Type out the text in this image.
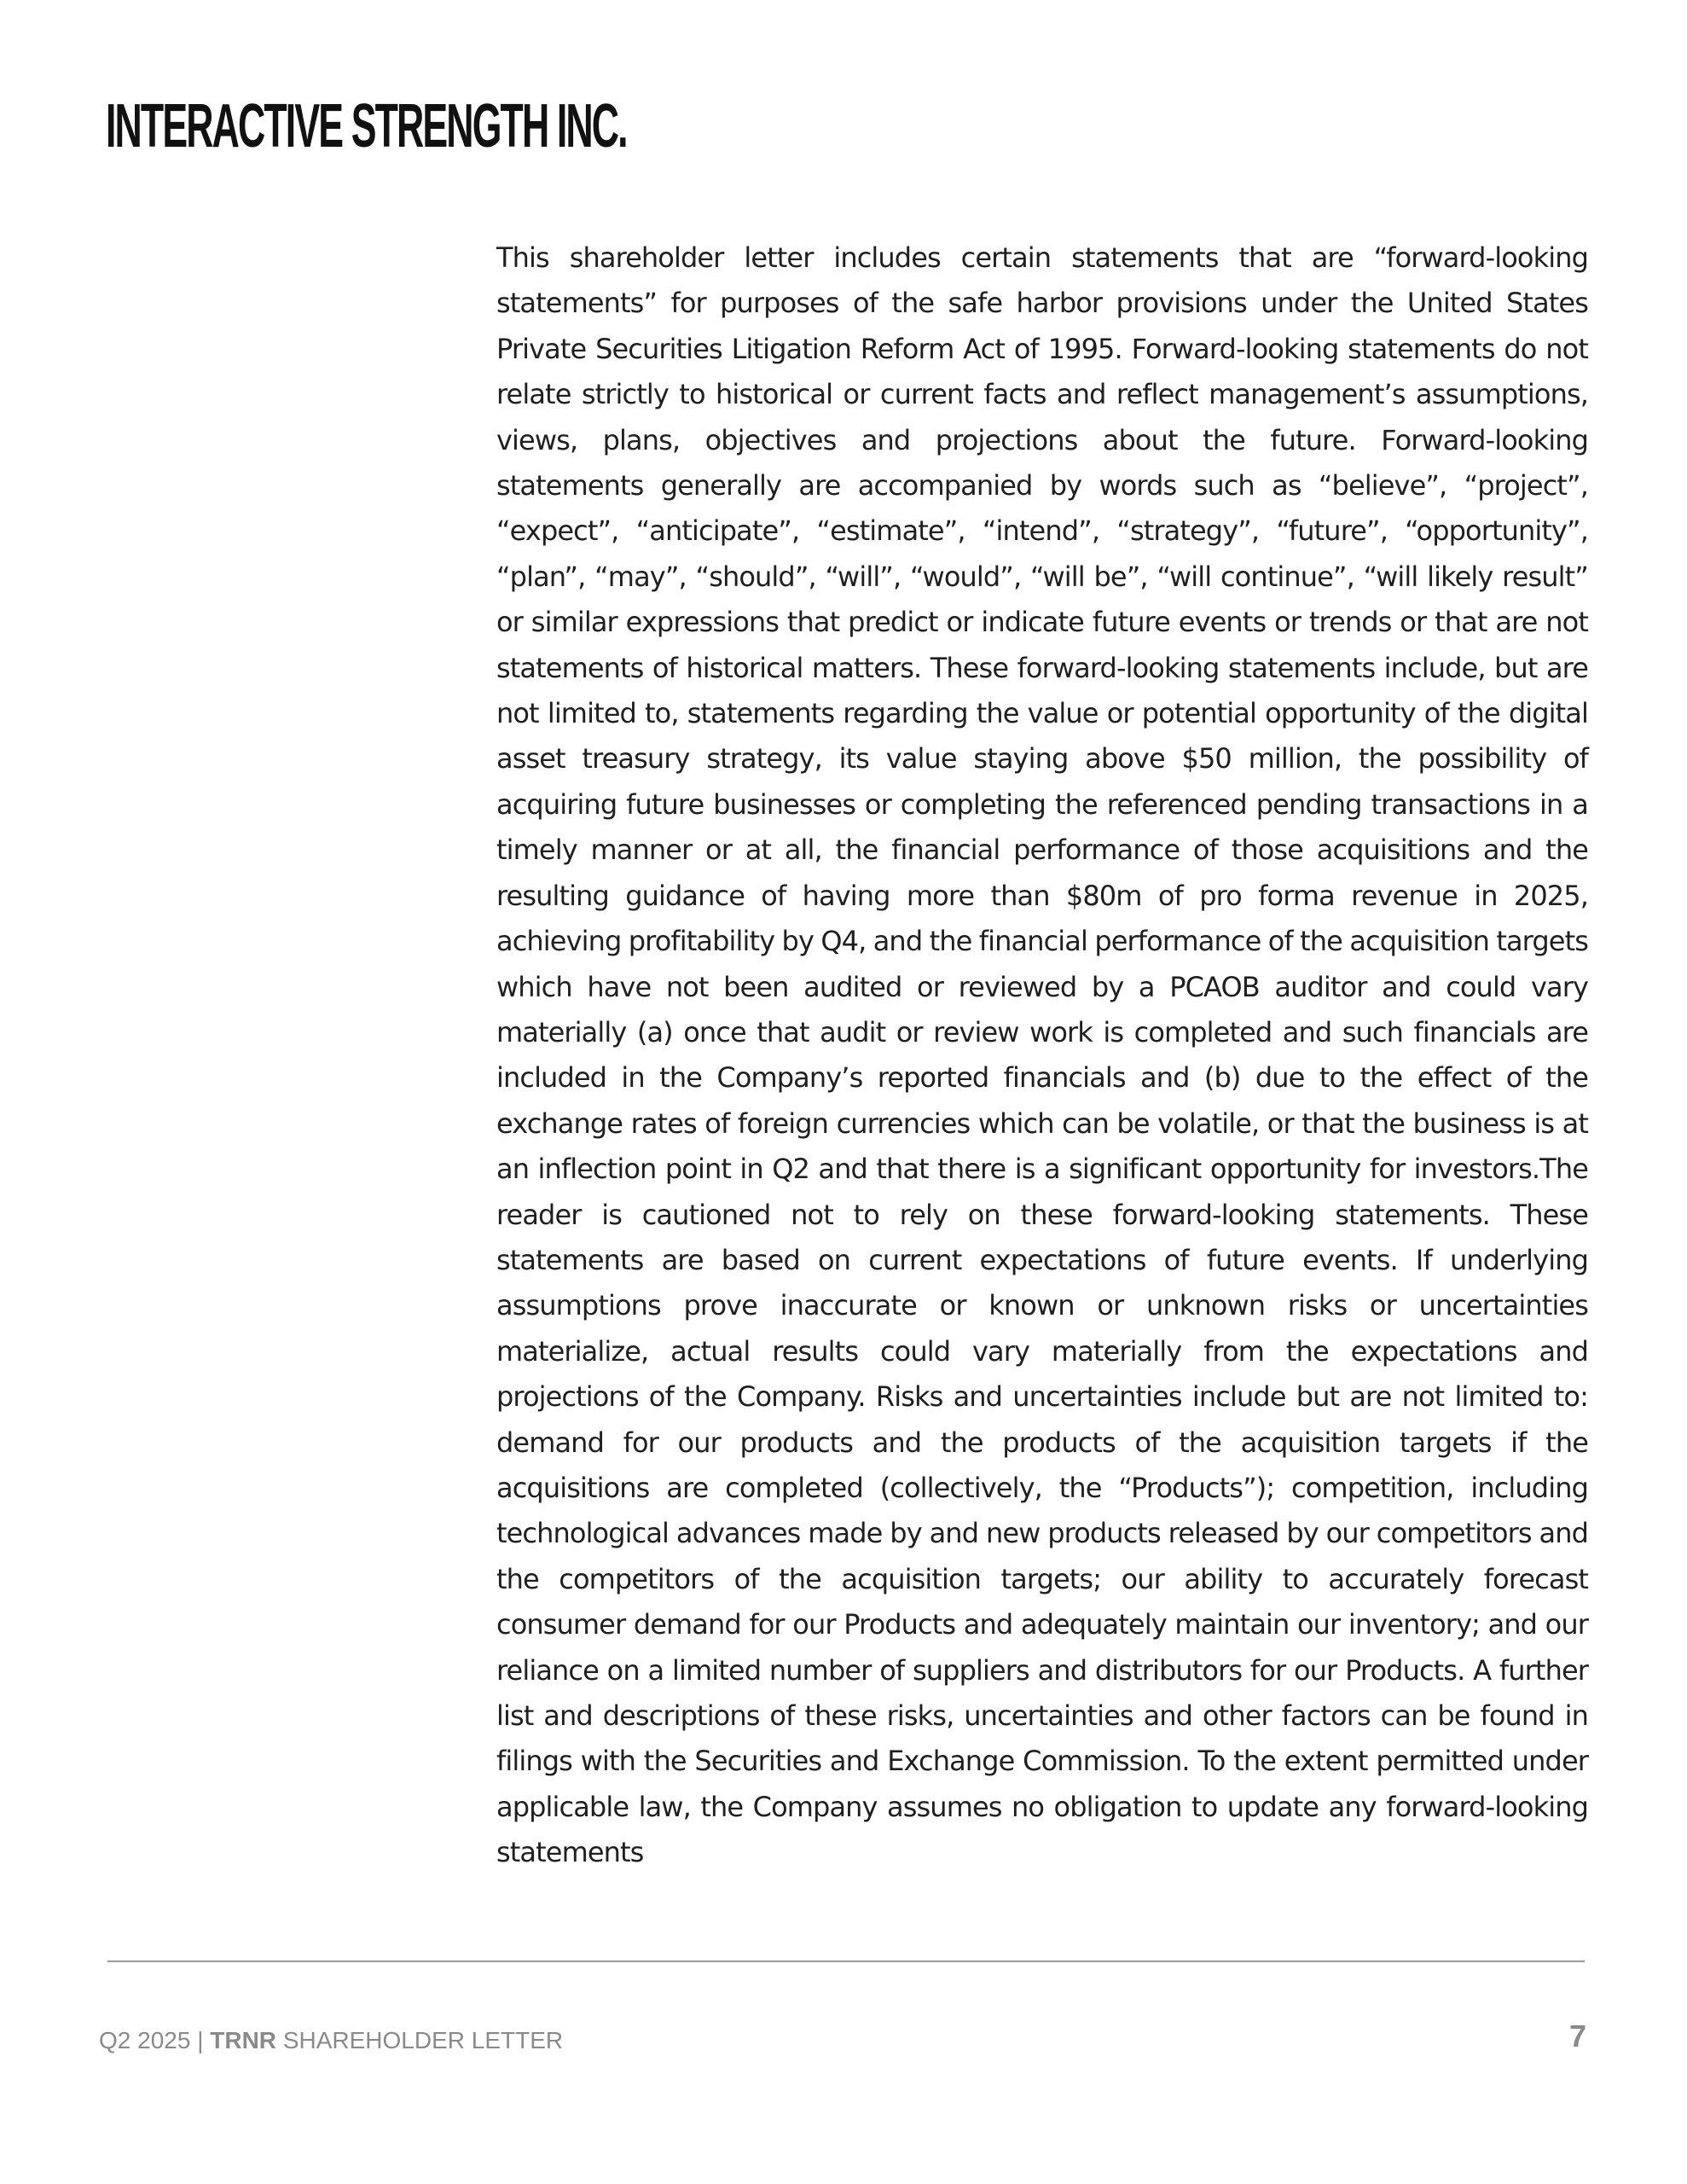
INTERACTIVE STRENGTH INC.

This shareholder letter includes certain statements that are “forward-looking statements” for purposes of the safe harbor provisions under the United States Private Securities Litigation Reform Act of 1995. Forward-looking statements do not relate strictly to historical or current facts and reflect management’s assumptions, views, plans, objectives and projections about the future. Forward-looking statements generally are accompanied by words such as “believe”, “project”, “expect”, “anticipate”, “estimate”, “intend”, “strategy”, “future”, “opportunity”, “plan”, “may”, “should”, “will”, “would”, “will be”, “will continue”, “will likely result” or similar expressions that predict or indicate future events or trends or that are not statements of historical matters. These forward-looking statements include, but are not limited to, statements regarding the value or potential opportunity of the digital asset treasury strategy, its value staying above $50 million, the possibility of acquiring future businesses or completing the referenced pending transactions in a timely manner or at all, the financial performance of those acquisitions and the resulting guidance of having more than $80m of pro forma revenue in 2025, achieving profitability by Q4, and the financial performance of the acquisition targets which have not been audited or reviewed by a PCAOB auditor and could vary materially (a) once that audit or review work is completed and such financials are included in the Company’s reported financials and (b) due to the effect of the exchange rates of foreign currencies which can be volatile, or that the business is at an inflection point in Q2 and that there is a significant opportunity for investors.The reader is cautioned not to rely on these forward-looking statements. These statements are based on current expectations of future events. If underlying assumptions prove inaccurate or known or unknown risks or uncertainties materialize, actual results could vary materially from the expectations and projections of the Company. Risks and uncertainties include but are not limited to: demand for our products and the products of the acquisition targets if the acquisitions are completed (collectively, the “Products”); competition, including technological advances made by and new products released by our competitors and the competitors of the acquisition targets; our ability to accurately forecast consumer demand for our Products and adequately maintain our inventory; and our reliance on a limited number of suppliers and distributors for our Products. A further list and descriptions of these risks, uncertainties and other factors can be found in filings with the Securities and Exchange Commission. To the extent permitted under applicable law, the Company assumes no obligation to update any forward-looking statements

Q2 2025 | TRNR SHAREHOLDER LETTER	7
